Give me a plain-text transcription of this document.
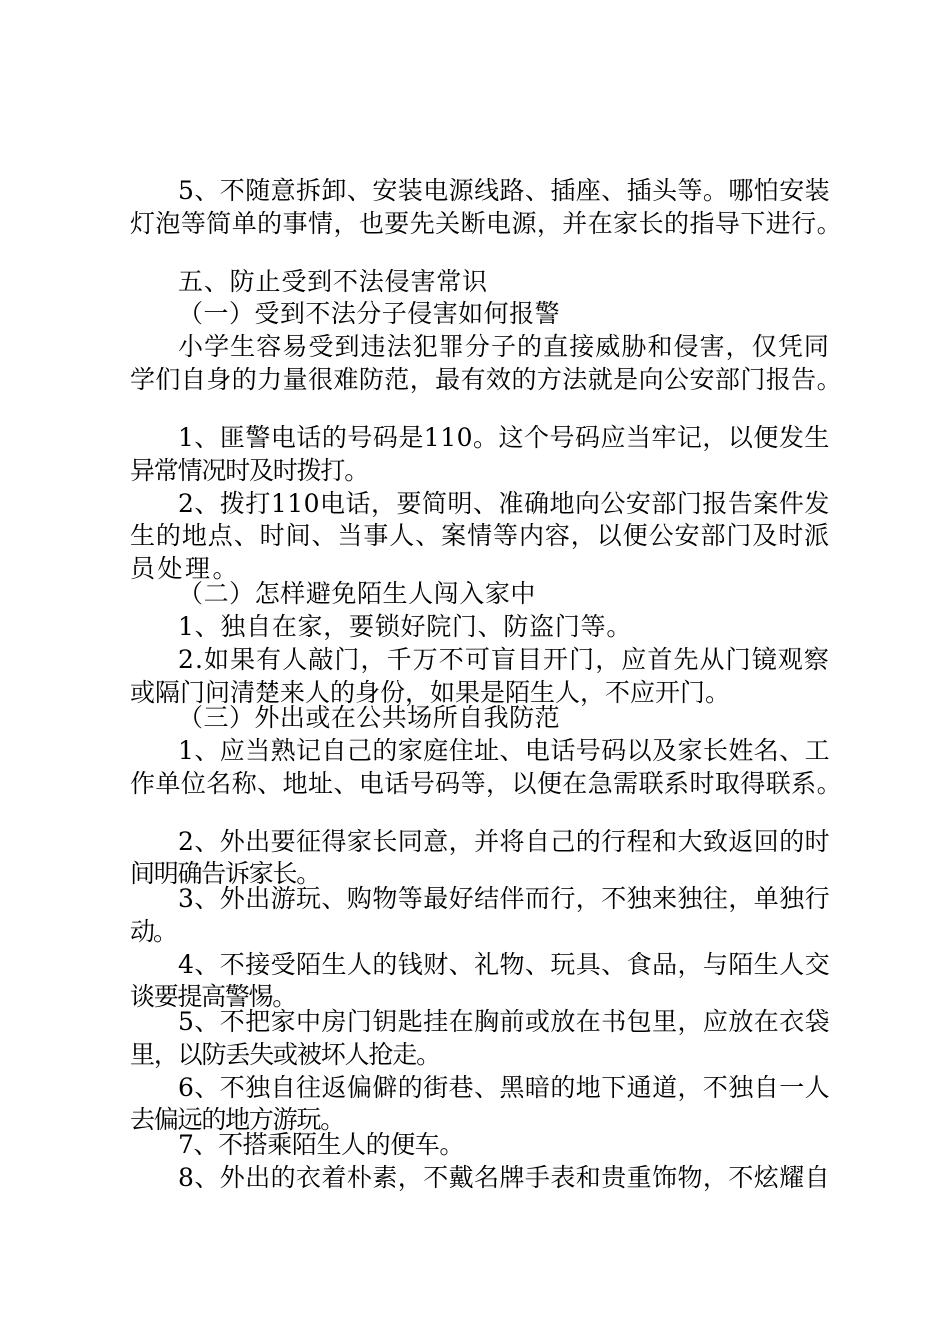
5、不随意拆卸、安装电源线路、插座、插头等。哪怕安装

灯泡等简单的事情，也要先关断电源，并在家长的指导下进行。

五、防止受到不法侵害常识

（一）受到不法分子侵害如何报警

小学生容易受到违法犯罪分子的直接威胁和侵害，仅凭同

学们自身的力量很难防范，最有效的方法就是向公安部门报告。

1、匪警电话的号码是110。这个号码应当牢记，以便发生

异常情况时及时拨打。

2、拨打110电话，要简明、准确地向公安部门报告案件发

生的地点、时间、当事人、案情等内容，以便公安部门及时派

员处理。

（二）怎样避免陌生人闯入家中

1、独自在家，要锁好院门、防盗门等。

2.如果有人敲门，千万不可盲目开门，应首先从门镜观察

或隔门问清楚来人的身份，如果是陌生人，不应开门。

（三）外出或在公共场所自我防范

1、应当熟记自己的家庭住址、电话号码以及家长姓名、工

作单位名称、地址、电话号码等，以便在急需联系时取得联系。

2、外出要征得家长同意，并将自己的行程和大致返回的时

间明确告诉家长。

3、外出游玩、购物等最好结伴而行，不独来独往，单独行

动。

4、不接受陌生人的钱财、礼物、玩具、食品，与陌生人交

谈要提高警惕。

5、不把家中房门钥匙挂在胸前或放在书包里，应放在衣袋

里，以防丢失或被坏人抢走。

6、不独自往返偏僻的街巷、黑暗的地下通道，不独自一人

去偏远的地方游玩。

7、不搭乘陌生人的便车。

8、外出的衣着朴素，不戴名牌手表和贵重饰物，不炫耀自
